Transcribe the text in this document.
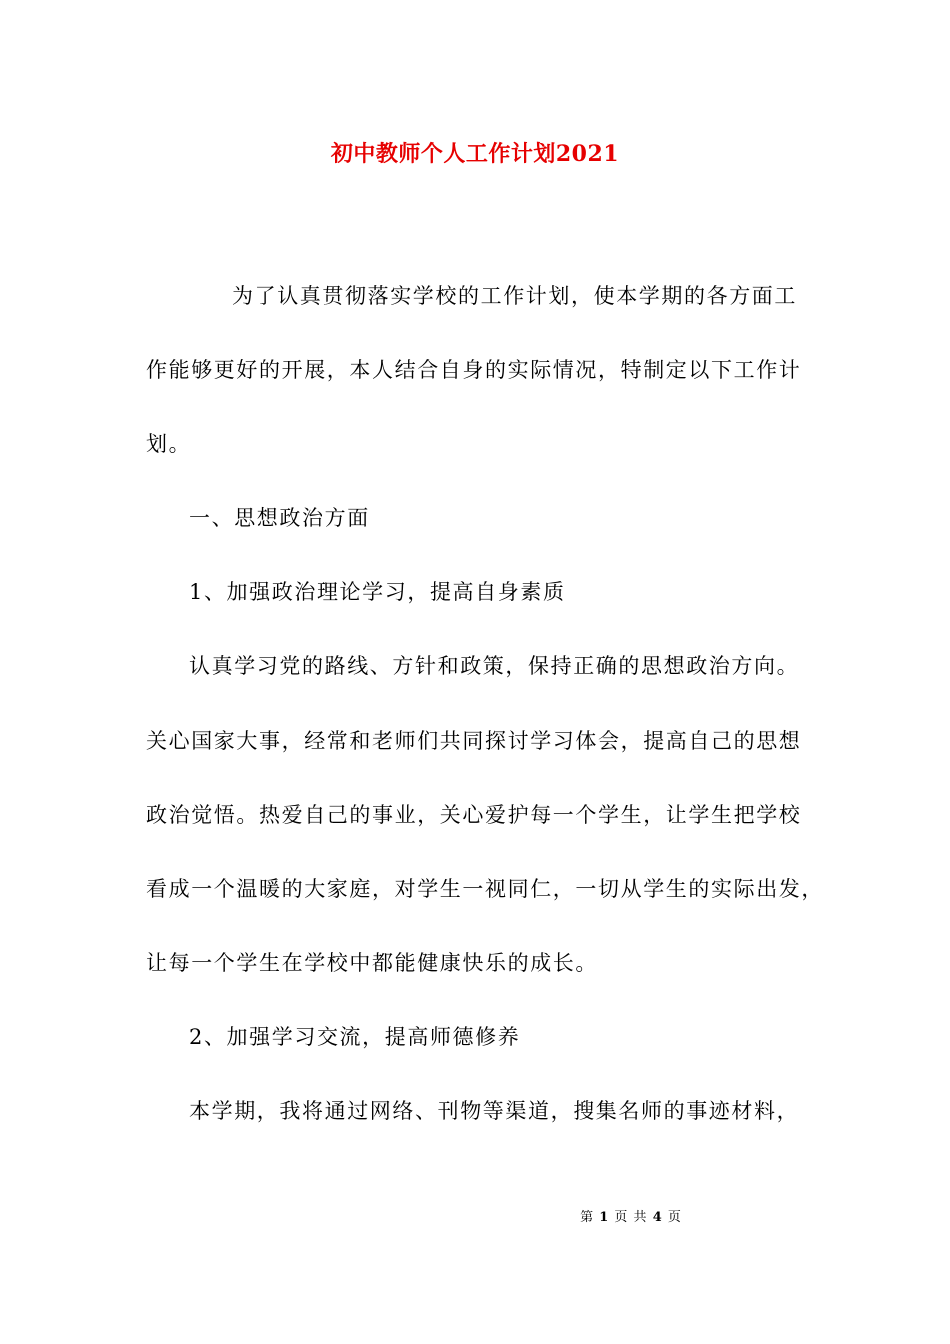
初中教师个人工作计划2021
为了认真贯彻落实学校的工作计划，使本学期的各方面工
作能够更好的开展，本人结合自身的实际情况，特制定以下工作计
划。
一、思想政治方面
1、加强政治理论学习，提高自身素质
认真学习党的路线、方针和政策，保持正确的思想政治方向。
关心国家大事，经常和老师们共同探讨学习体会，提高自己的思想
政治觉悟。热爱自己的事业，关心爱护每一个学生，让学生把学校
看成一个温暖的大家庭，对学生一视同仁，一切从学生的实际出发，
让每一个学生在学校中都能健康快乐的成长。
2、加强学习交流，提高师德修养
本学期，我将通过网络、刊物等渠道，搜集名师的事迹材料，
第 1 页 共 4 页
